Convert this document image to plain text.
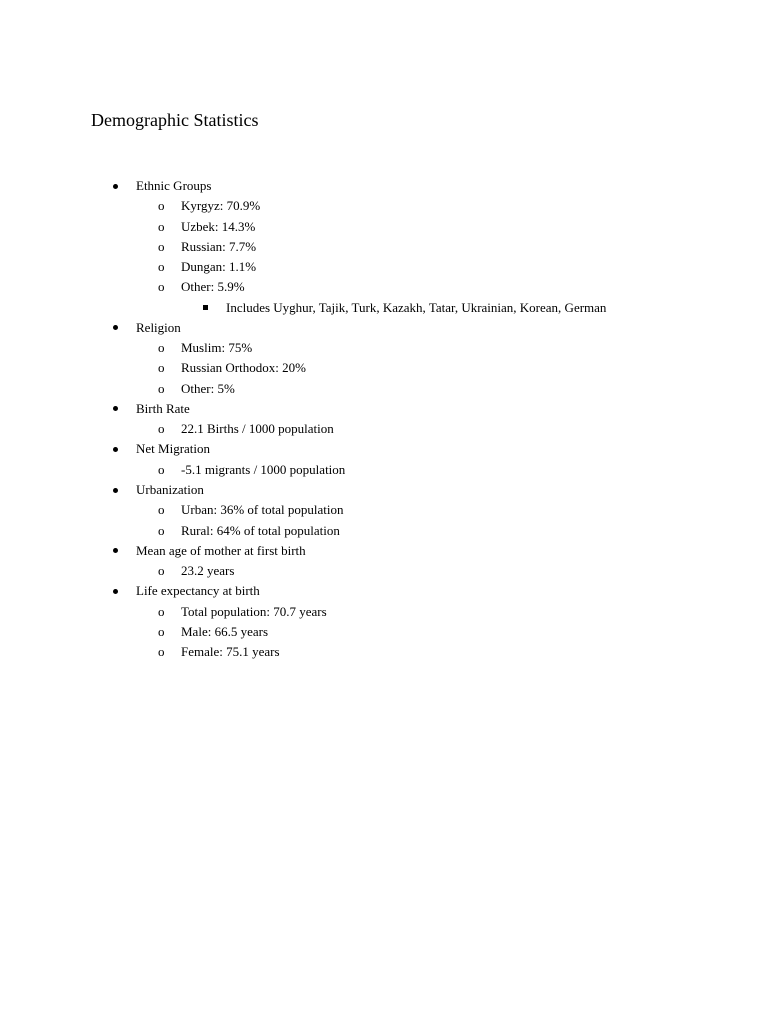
Demographic Statistics
Ethnic Groups
o Kyrgyz: 70.9%
o Uzbek: 14.3%
o Russian: 7.7%
o Dungan: 1.1%
o Other: 5.9%
Includes Uyghur, Tajik, Turk, Kazakh, Tatar, Ukrainian, Korean, German
Religion
o Muslim: 75%
o Russian Orthodox: 20%
o Other: 5%
Birth Rate
o 22.1 Births / 1000 population
Net Migration
o -5.1 migrants / 1000 population
Urbanization
o Urban: 36% of total population
o Rural: 64% of total population
Mean age of mother at first birth
o 23.2 years
Life expectancy at birth
o Total population: 70.7 years
o Male: 66.5 years
o Female: 75.1 years
